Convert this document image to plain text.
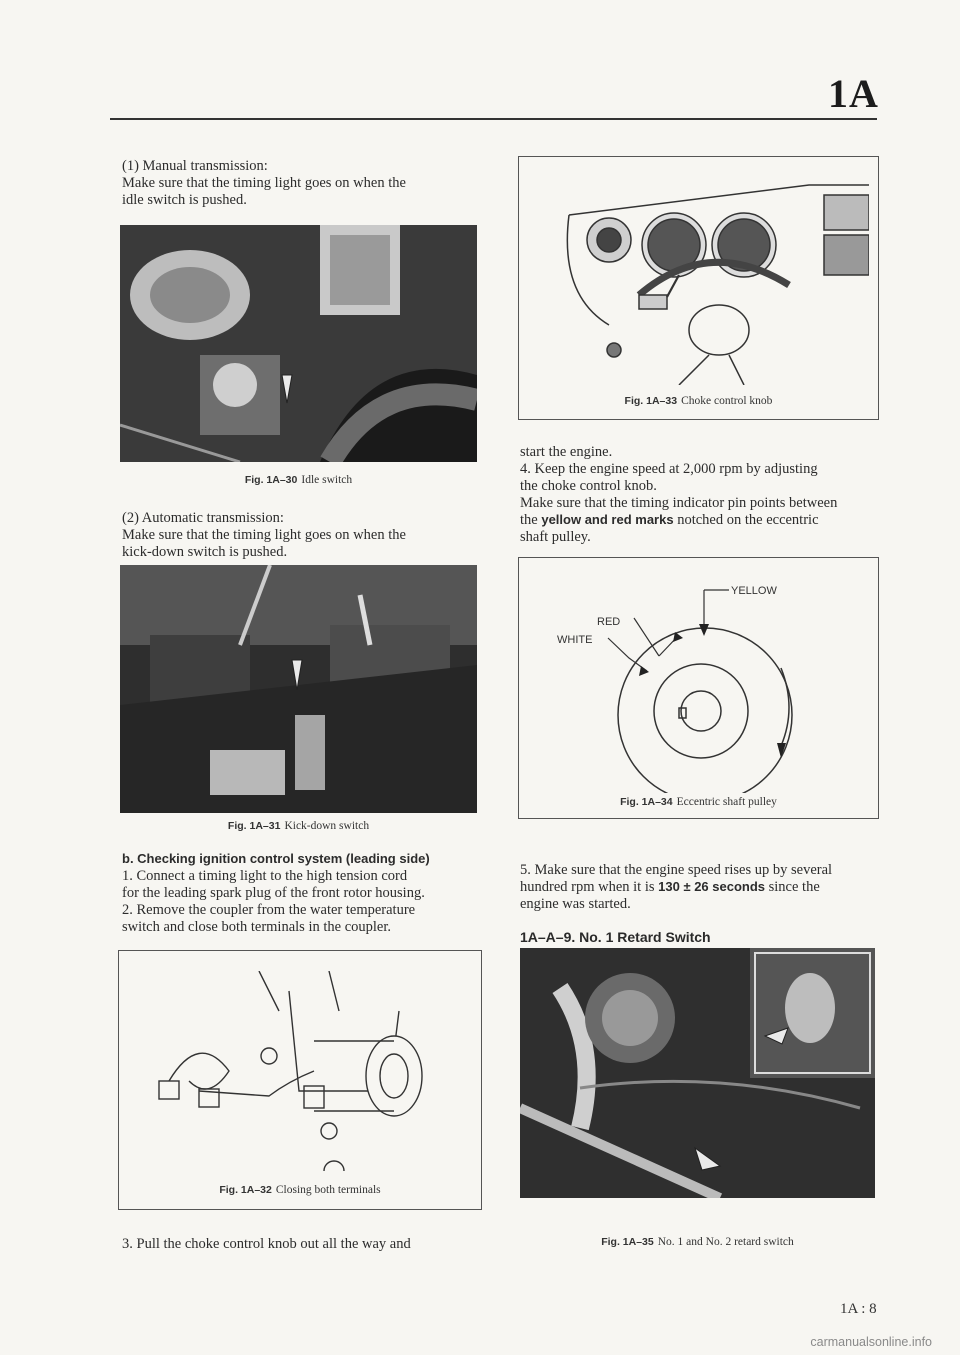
1A
(1) Manual transmission:
Make sure that the timing light goes on when the
idle switch is pushed.
Fig. 1A–30 Idle switch
(2) Automatic transmission:
Make sure that the timing light goes on when the
kick-down switch is pushed.
Fig. 1A–31 Kick-down switch
b. Checking ignition control system (leading side)
1. Connect a timing light to the high tension cord
for the leading spark plug of the front rotor housing.
2. Remove the coupler from the water temperature
switch and close both terminals in the coupler.
Fig. 1A–32 Closing both terminals
3. Pull the choke control knob out all the way and
Fig. 1A–33 Choke control knob
start the engine.
4. Keep the engine speed at 2,000 rpm by adjusting
the choke control knob.
Make sure that the timing indicator pin points between
the yellow and red marks notched on the eccentric
shaft pulley.
YELLOW
RED
WHITE
Fig. 1A–34 Eccentric shaft pulley
5. Make sure that the engine speed rises up by several
hundred rpm when it is 130 ± 26 seconds since the
engine was started.
1A–A–9. No. 1 Retard Switch
Fig. 1A–35 No. 1 and No. 2 retard switch
1A : 8
carmanualsonline.info
